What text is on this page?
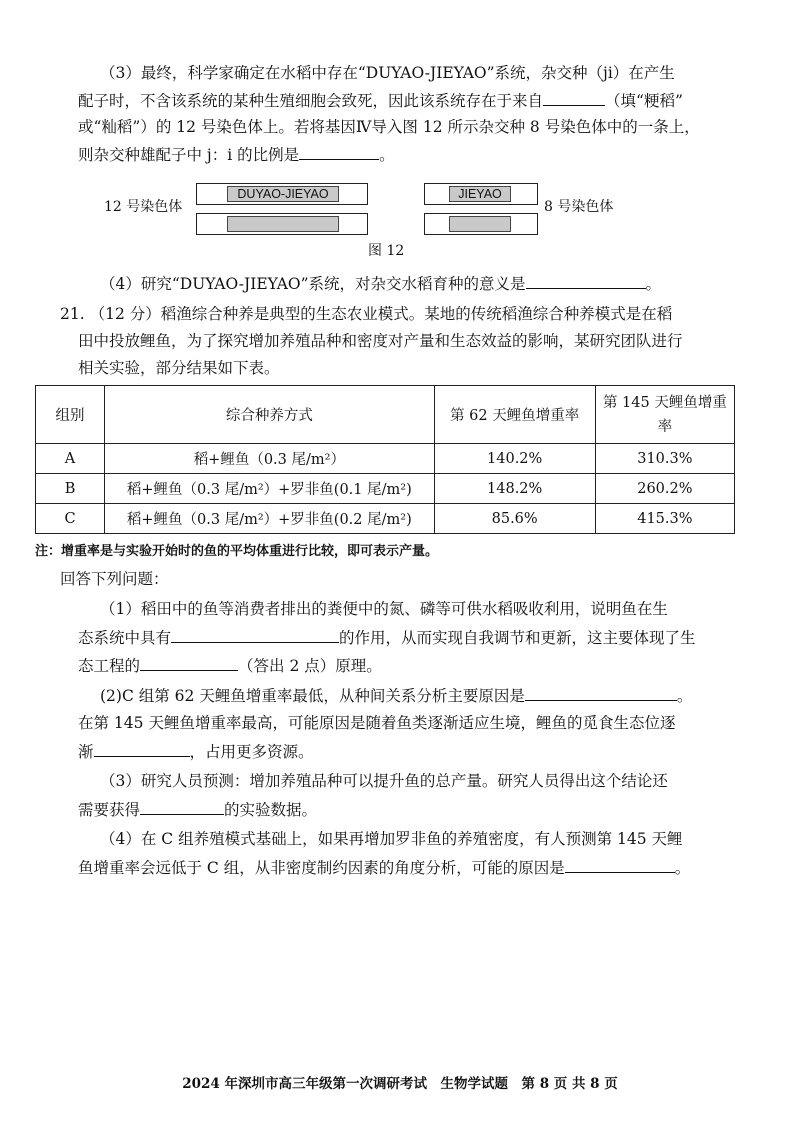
（3）最终，科学家确定在水稻中存在“DUYAO-JIEYAO”系统，杂交种（ji）在产生
配子时，不含该系统的某种生殖细胞会致死，因此该系统存在于来自	（填“粳稻”
或“籼稻”）的 12 号染色体上。若将基因Ⅳ导入图 12 所示杂交种 8 号染色体中的一条上，
则杂交种雄配子中 j：i 的比例是	。
12 号染色体
DUYAO-JIEYAO	JIEYAO
8 号染色体
图 12
（4）研究“DUYAO-JIEYAO”系统，对杂交水稻育种的意义是	。
21. （12 分）稻渔综合种养是典型的生态农业模式。某地的传统稻渔综合种养模式是在稻
田中投放鲤鱼，为了探究增加养殖品种和密度对产量和生态效益的影响，某研究团队进行
相关实验，部分结果如下表。
组别	综合种养方式	第 62 天鲤鱼增重率	第 145 天鲤鱼增重率
A	稻+鲤鱼（0.3 尾/m²）	140.2%	310.3%
B	稻+鲤鱼（0.3 尾/m²）+罗非鱼(0.1 尾/m²)	148.2%	260.2%
C	稻+鲤鱼（0.3 尾/m²）+罗非鱼(0.2 尾/m²)	85.6%	415.3%
注：增重率是与实验开始时的鱼的平均体重进行比较，即可表示产量。
回答下列问题：
（1）稻田中的鱼等消费者排出的粪便中的氮、磷等可供水稻吸收利用，说明鱼在生
态系统中具有	的作用，从而实现自我调节和更新，这主要体现了生
态工程的	（答出 2 点）原理。
(2)C 组第 62 天鲤鱼增重率最低，从种间关系分析主要原因是	。
在第 145 天鲤鱼增重率最高，可能原因是随着鱼类逐渐适应生境，鲤鱼的觅食生态位逐
渐	，占用更多资源。
（3）研究人员预测：增加养殖品种可以提升鱼的总产量。研究人员得出这个结论还
需要获得	的实验数据。
（4）在 C 组养殖模式基础上，如果再增加罗非鱼的养殖密度，有人预测第 145 天鲤
鱼增重率会远低于 C 组，从非密度制约因素的角度分析，可能的原因是	。
2024 年深圳市高三年级第一次调研考试　生物学试题　第 8 页 共 8 页
